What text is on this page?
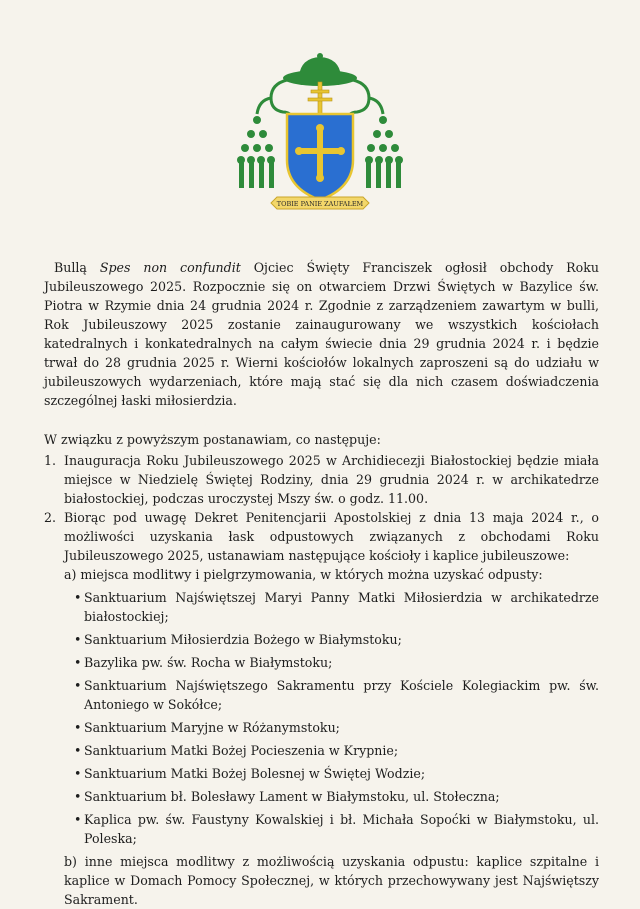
TOBIE PANIE ZAUFAŁEM

Bullą Spes non confundit Ojciec Święty Franciszek ogłosił obchody Roku Jubileuszowego 2025. Rozpocznie się on otwarciem Drzwi Świętych w Bazylice św. Piotra w Rzymie dnia 24 grudnia 2024 r. Zgodnie z zarządzeniem zawartym w bulli, Rok Jubileuszowy 2025 zostanie zainaugurowany we wszystkich kościołach katedralnych i konkatedralnych na całym świecie dnia 29 grudnia 2024 r. i będzie trwał do 28 grudnia 2025 r. Wierni kościołów lokalnych zaproszeni są do udziału w jubileuszowych wydarzeniach, które mają stać się dla nich czasem doświadczenia szczególnej łaski miłosierdzia.

W związku z powyższym postanawiam, co następuje:

1. Inauguracja Roku Jubileuszowego 2025 w Archidiecezji Białostockiej będzie miała miejsce w Niedzielę Świętej Rodziny, dnia 29 grudnia 2024 r. w archikatedrze białostockiej, podczas uroczystej Mszy św. o godz. 11.00.
2. Biorąc pod uwagę Dekret Penitencjarii Apostolskiej z dnia 13 maja 2024 r., o możliwości uzyskania łask odpustowych związanych z obchodami Roku Jubileuszowego 2025, ustanawiam następujące kościoły i kaplice jubileuszowe:

a) miejsca modlitwy i pielgrzymowania, w których można uzyskać odpusty:

• Sanktuarium Najświętszej Maryi Panny Matki Miłosierdzia w archikatedrze białostockiej;
• Sanktuarium Miłosierdzia Bożego w Białymstoku;
• Bazylika pw. św. Rocha w Białymstoku;
• Sanktuarium Najświętszego Sakramentu przy Kościele Kolegiackim pw. św. Antoniego w Sokółce;
• Sanktuarium Maryjne w Różanymstoku;
• Sanktuarium Matki Bożej Pocieszenia w Krypnie;
• Sanktuarium Matki Bożej Bolesnej w Świętej Wodzie;
• Sanktuarium bł. Bolesławy Lament w Białymstoku, ul. Stołeczna;
• Kaplica pw. św. Faustyny Kowalskiej i bł. Michała Sopoćki w Białymstoku, ul. Poleska;

b) inne miejsca modlitwy z możliwością uzyskania odpustu: kaplice szpitalne i kaplice w Domach Pomocy Społecznej, w których przechowywany jest Najświętszy Sakrament.
